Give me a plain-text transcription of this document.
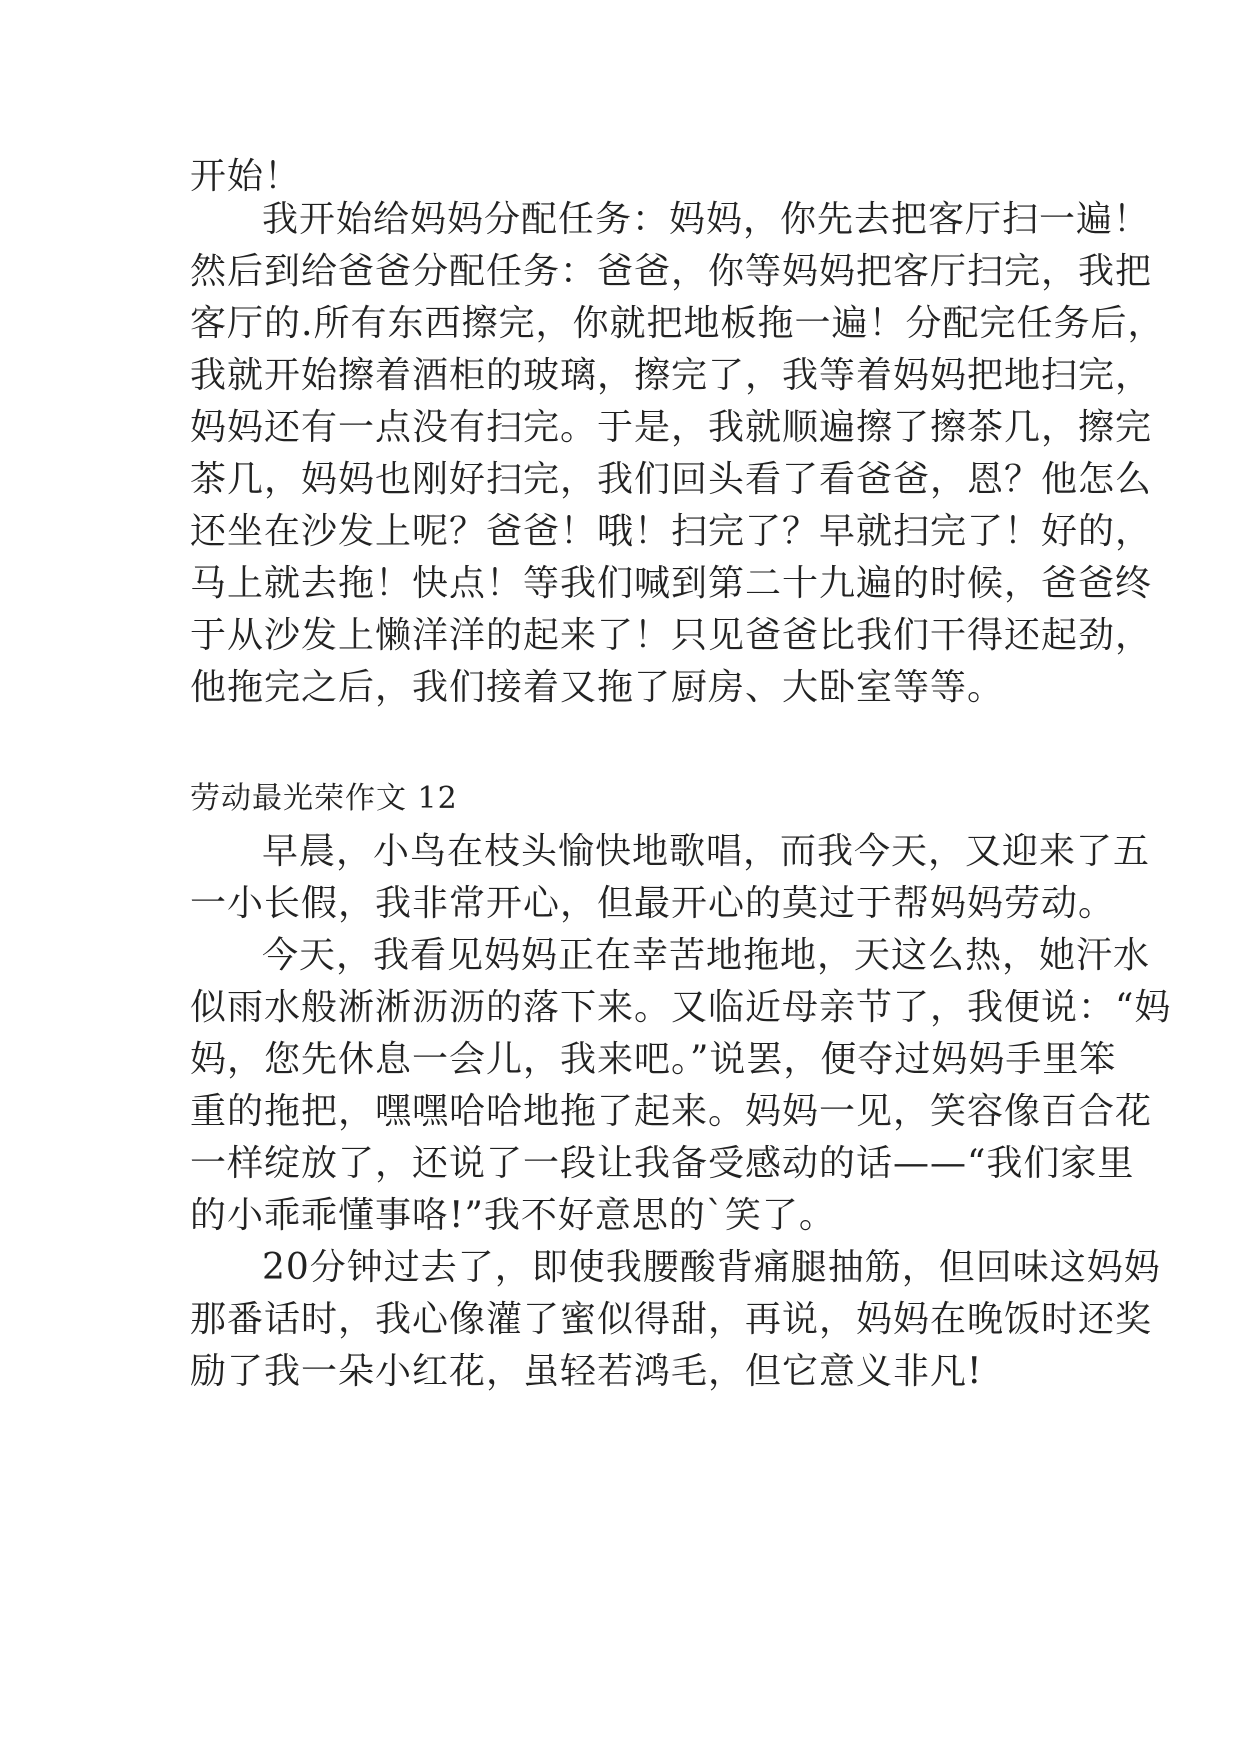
开始！
我开始给妈妈分配任务：妈妈，你先去把客厅扫一遍！
然后到给爸爸分配任务：爸爸，你等妈妈把客厅扫完，我把
客厅的.所有东西擦完，你就把地板拖一遍！分配完任务后，
我就开始擦着酒柜的玻璃，擦完了，我等着妈妈把地扫完，
妈妈还有一点没有扫完。于是，我就顺遍擦了擦茶几，擦完
茶几，妈妈也刚好扫完，我们回头看了看爸爸，恩？他怎么
还坐在沙发上呢？爸爸！哦！扫完了？早就扫完了！好的，
马上就去拖！快点！等我们喊到第二十九遍的时候，爸爸终
于从沙发上懒洋洋的起来了！只见爸爸比我们干得还起劲，
他拖完之后，我们接着又拖了厨房、大卧室等等。
劳动最光荣作文 12
早晨，小鸟在枝头愉快地歌唱，而我今天，又迎来了五
一小长假，我非常开心，但最开心的莫过于帮妈妈劳动。
今天，我看见妈妈正在幸苦地拖地，天这么热，她汗水
似雨水般淅淅沥沥的落下来。又临近母亲节了，我便说：“妈
妈，您先休息一会儿，我来吧。”说罢，便夺过妈妈手里笨
重的拖把，嘿嘿哈哈地拖了起来。妈妈一见，笑容像百合花
一样绽放了，还说了一段让我备受感动的话——“我们家里
的小乖乖懂事咯!”我不好意思的`笑了。
20分钟过去了，即使我腰酸背痛腿抽筋，但回味这妈妈
那番话时，我心像灌了蜜似得甜，再说，妈妈在晚饭时还奖
励了我一朵小红花，虽轻若鸿毛，但它意义非凡!
